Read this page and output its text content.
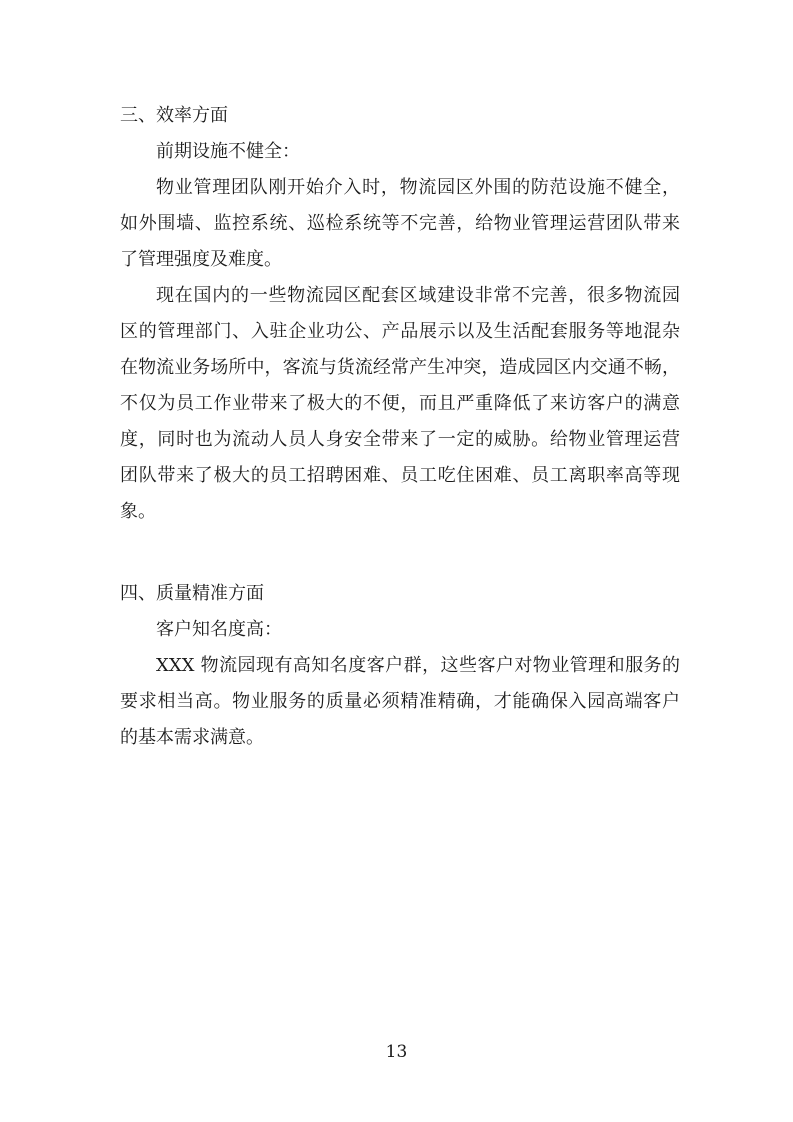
三、效率方面
前期设施不健全：
物业管理团队刚开始介入时，物流园区外围的防范设施不健全，
如外围墙、监控系统、巡检系统等不完善，给物业管理运营团队带来
了管理强度及难度。
现在国内的一些物流园区配套区域建设非常不完善，很多物流园
区的管理部门、入驻企业功公、产品展示以及生活配套服务等地混杂
在物流业务场所中，客流与货流经常产生冲突，造成园区内交通不畅，
不仅为员工作业带来了极大的不便，而且严重降低了来访客户的满意
度，同时也为流动人员人身安全带来了一定的威胁。给物业管理运营
团队带来了极大的员工招聘困难、员工吃住困难、员工离职率高等现
象。
四、质量精准方面
客户知名度高：
XXX 物流园现有高知名度客户群，这些客户对物业管理和服务的
要求相当高。物业服务的质量必须精准精确，才能确保入园高端客户
的基本需求满意。
13
